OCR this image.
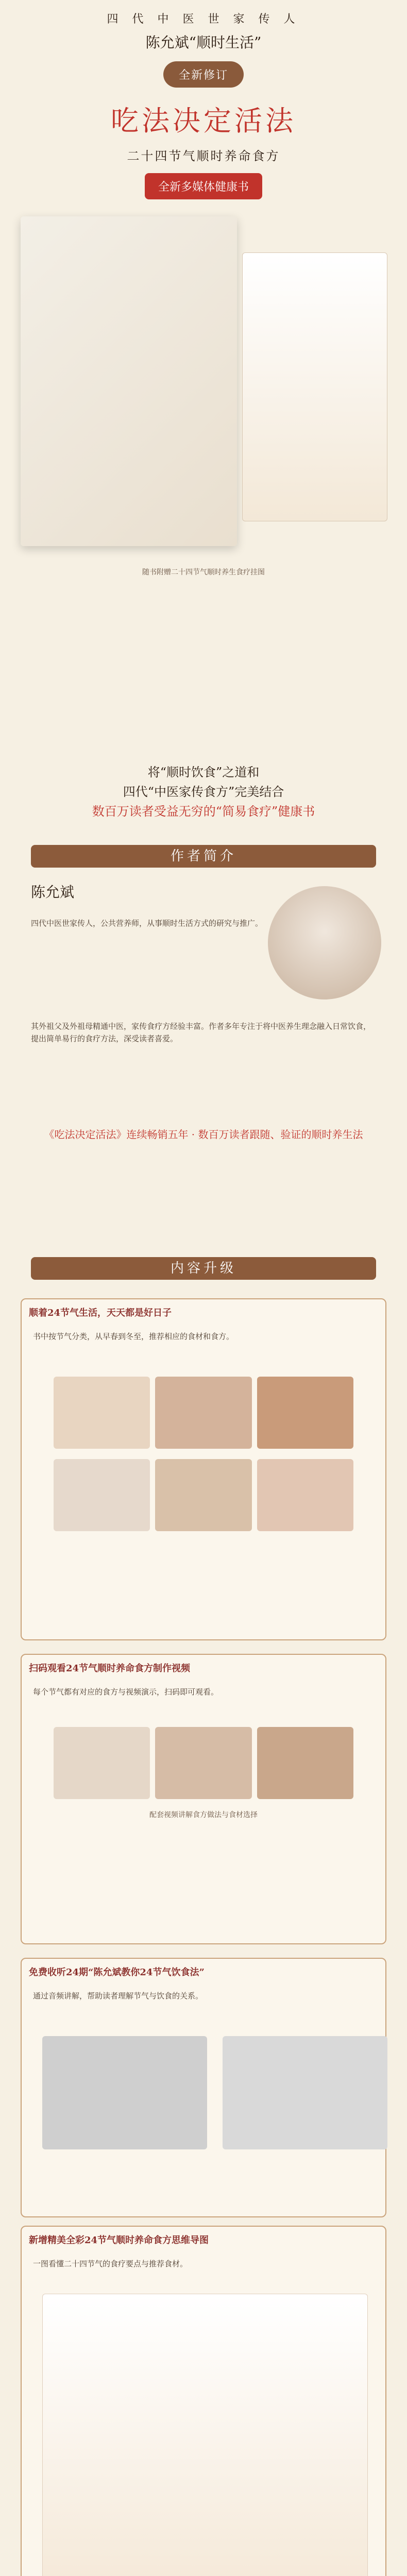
四 代 中 医 世 家 传 人
陈允斌“顺时生活”
全新修订
吃法决定活法
二十四节气顺时养命食方
全新多媒体健康书
随书附赠二十四节气顺时养生食疗挂图
将“顺时饮食”之道和
四代“中医家传食方”完美结合
数百万读者受益无穷的“简易食疗”健康书
作者简介
陈允斌
四代中医世家传人，公共营养师，从事顺时生活方式的研究与推广。
其外祖父及外祖母精通中医，家传食疗方经验丰富。作者多年专注于将中医养生理念融入日常饮食，提出简单易行的食疗方法，深受读者喜爱。
《吃法决定活法》连续畅销五年 · 数百万读者跟随、验证的顺时养生法
内容升级
顺着24节气生活，天天都是好日子
书中按节气分类，从早春到冬至，推荐相应的食材和食方。
扫码观看24节气顺时养命食方制作视频
每个节气都有对应的食方与视频演示，扫码即可观看。
配套视频讲解食方做法与食材选择
免费收听24期“陈允斌教你24节气饮食法”
通过音频讲解，帮助读者理解节气与饮食的关系。
新增精美全彩24节气顺时养命食方思维导图
一图看懂二十四节气的食疗要点与推荐食材。
